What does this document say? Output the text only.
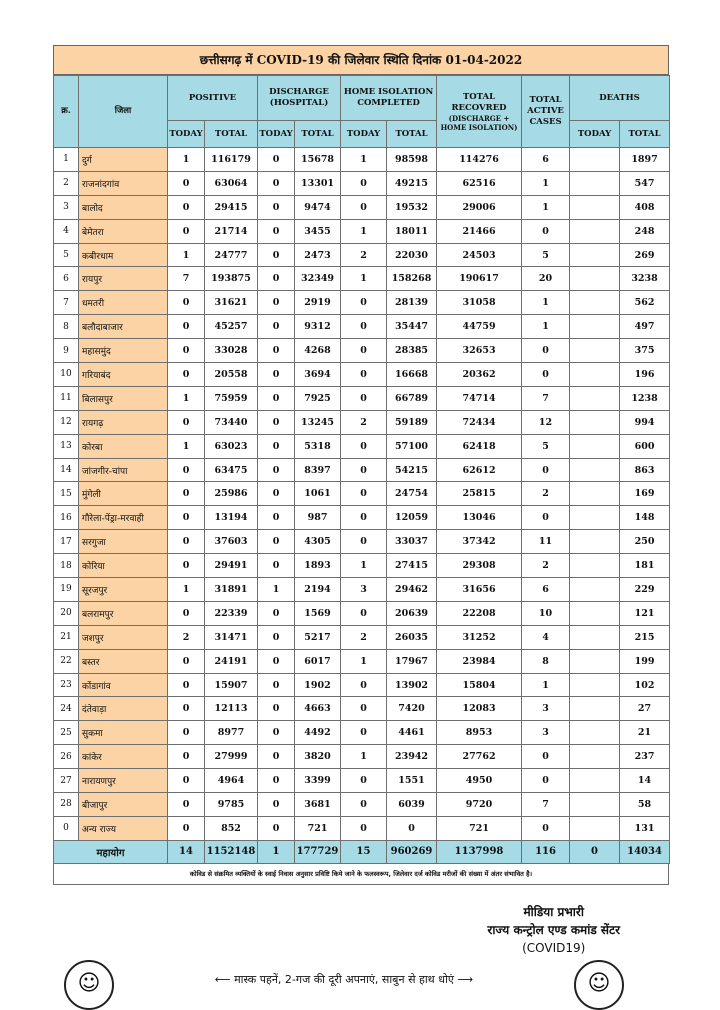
छत्तीसगढ़ में COVID-19 की जिलेवार स्थिति दिनांक 01-04-2022
क्र.	जिला	POSITIVE		DISCHARGE (HOSPITAL)		HOME ISOLATION COMPLETED		TOTAL RECOVRED
(DISCHARGE + HOME ISOLATION)	TOTAL ACTIVE CASES	DEATHS	
		TODAY	TOTAL	TODAY	TOTAL	TODAY	TOTAL			TODAY	TOTAL
1	दुर्ग	1	116179	0	15678	1	98598	114276	6		1897
2	राजनांदगांव	0	63064	0	13301	0	49215	62516	1		547
3	बालोद	0	29415	0	9474	0	19532	29006	1		408
4	बेमेतरा	0	21714	0	3455	1	18011	21466	0		248
5	कबीरधाम	1	24777	0	2473	2	22030	24503	5		269
6	रायपुर	7	193875	0	32349	1	158268	190617	20		3238
7	धमतरी	0	31621	0	2919	0	28139	31058	1		562
8	बलौदाबाजार	0	45257	0	9312	0	35447	44759	1		497
9	महासमुंद	0	33028	0	4268	0	28385	32653	0		375
10	गरियाबंद	0	20558	0	3694	0	16668	20362	0		196
11	बिलासपुर	1	75959	0	7925	0	66789	74714	7		1238
12	रायगढ़	0	73440	0	13245	2	59189	72434	12		994
13	कोरबा	1	63023	0	5318	0	57100	62418	5		600
14	जांजगीर-चांपा	0	63475	0	8397	0	54215	62612	0		863
15	मुंगेली	0	25986	0	1061	0	24754	25815	2		169
16	गौरेला-पेंड्रा-मरवाही	0	13194	0	987	0	12059	13046	0		148
17	सरगुजा	0	37603	0	4305	0	33037	37342	11		250
18	कोरिया	0	29491	0	1893	1	27415	29308	2		181
19	सूरजपुर	1	31891	1	2194	3	29462	31656	6		229
20	बलरामपुर	0	22339	0	1569	0	20639	22208	10		121
21	जशपुर	2	31471	0	5217	2	26035	31252	4		215
22	बस्तर	0	24191	0	6017	1	17967	23984	8		199
23	कोंडागांव	0	15907	0	1902	0	13902	15804	1		102
24	दंतेवाड़ा	0	12113	0	4663	0	7420	12083	3		27
25	सुकमा	0	8977	0	4492	0	4461	8953	3		21
26	कांकेर	0	27999	0	3820	1	23942	27762	0		237
27	नारायणपुर	0	4964	0	3399	0	1551	4950	0		14
28	बीजापुर	0	9785	0	3681	0	6039	9720	7		58
0	अन्य राज्य	0	852	0	721	0	0	721	0		131
महायोग		14	1152148	1	177729	15	960269	1137998	116	0	14034
कोविड से संक्रमित व्यक्तियों के स्वाई निवास अनुसार प्रविष्टि किये जाने के फलस्वरूप, जिलेवार दर्ज कोविड मरीजों की संख्या में अंतर संभावित है।
मीडिया प्रभारी
राज्य कन्ट्रोल एण्ड कमांड सेंटर
(COVID19)
☺	⟵ मास्क पहनें, 2-गज की दूरी अपनाएं, साबुन से हाथ धोएं ⟶	☺
